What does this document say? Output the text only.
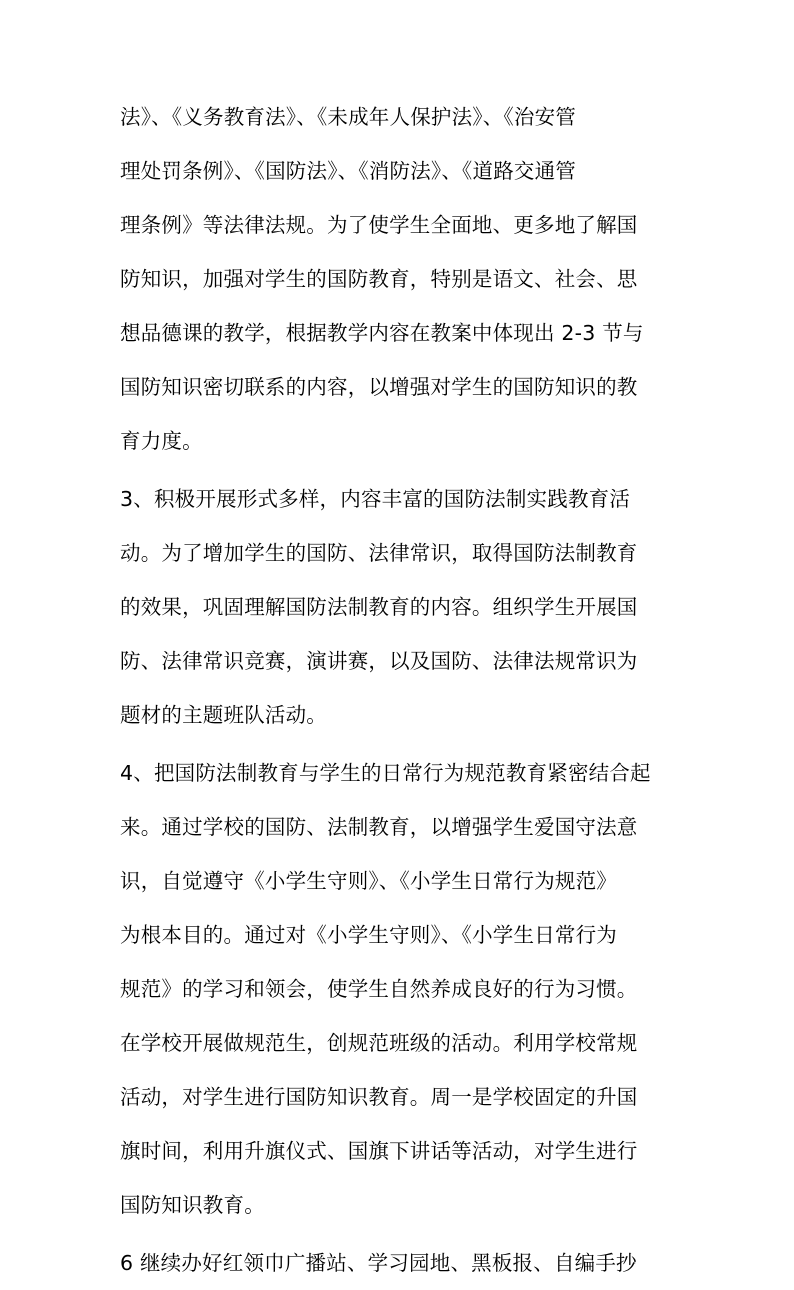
法》、《义务教育法》、《未成年人保护法》、《治安管
理处罚条例》、《国防法》、《消防法》、《道路交通管
理条例》等法律法规。为了使学生全面地、更多地了解国
防知识，加强对学生的国防教育，特别是语文、社会、思
想品德课的教学，根据教学内容在教案中体现出 2-3 节与
国防知识密切联系的内容，以增强对学生的国防知识的教
育力度。
3、积极开展形式多样，内容丰富的国防法制实践教育活
动。为了增加学生的国防、法律常识，取得国防法制教育
的效果，巩固理解国防法制教育的内容。组织学生开展国
防、法律常识竞赛，演讲赛，以及国防、法律法规常识为
题材的主题班队活动。
4、把国防法制教育与学生的日常行为规范教育紧密结合起
来。通过学校的国防、法制教育，以增强学生爱国守法意
识，自觉遵守《小学生守则》、《小学生日常行为规范》
为根本目的。通过对《小学生守则》、《小学生日常行为
规范》的学习和领会，使学生自然养成良好的行为习惯。
在学校开展做规范生，创规范班级的活动。利用学校常规
活动，对学生进行国防知识教育。周一是学校固定的升国
旗时间，利用升旗仪式、国旗下讲话等活动，对学生进行
国防知识教育。
6 继续办好红领巾广播站、学习园地、黑板报、自编手抄
